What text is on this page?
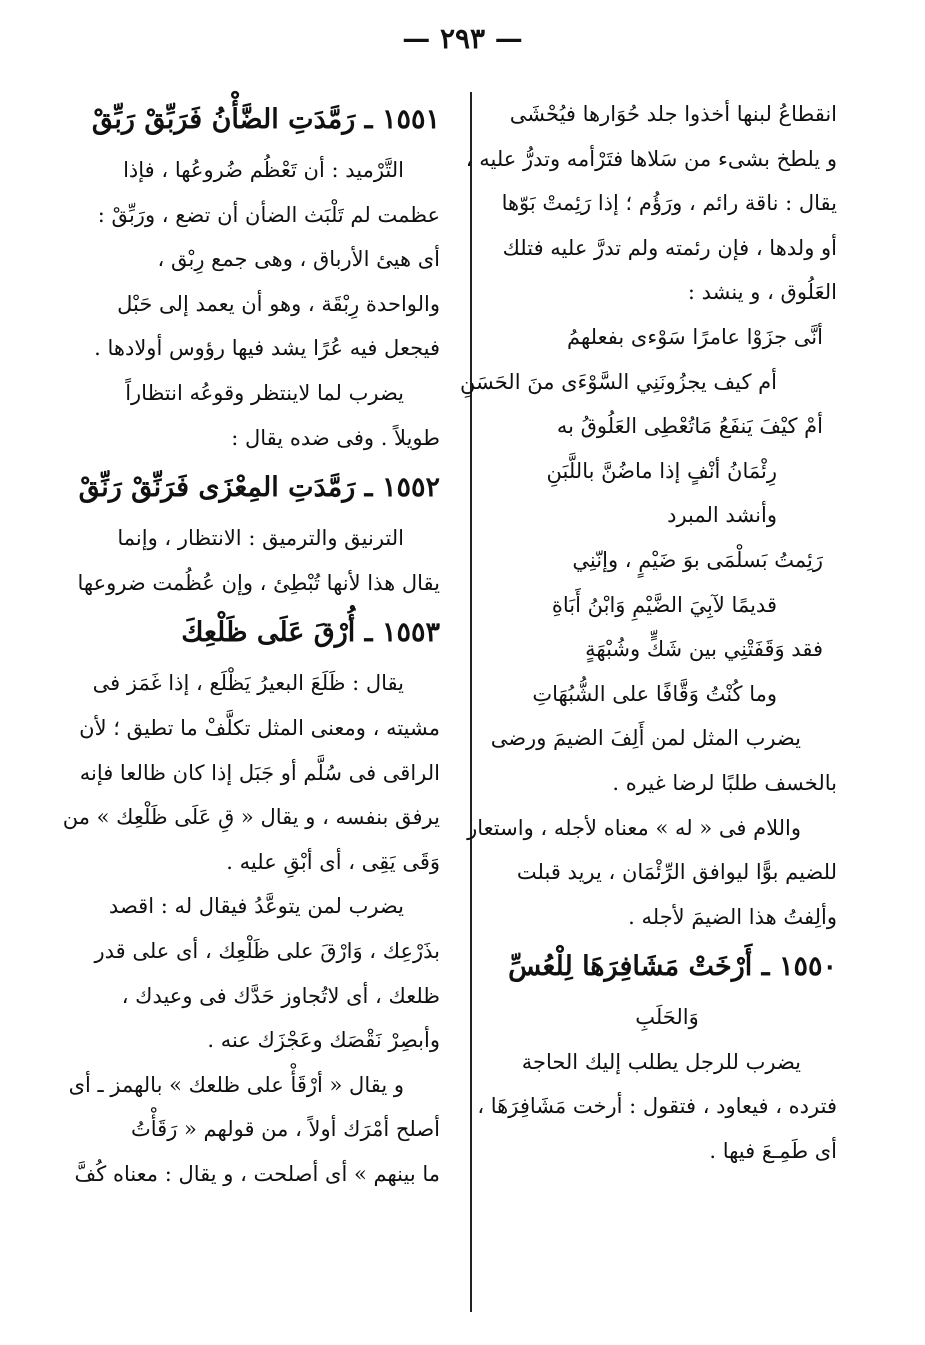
— ٢٩٣ —
انقطاعُ لبنها أخذوا جلد حُوَارها فيُحْشَى
و يلطخ بشىء من سَلاها فتَرْأمه وتدرُّ عليه ،
يقال : ناقة رائم ، ورَؤُم ؛ إذا رَئِمتْ بَوّها
أو ولدها ، فإن رئمته ولم تدرَّ عليه فتلك
العَلُوق ، و ينشد :
أنَّى جزَوْا عامرًا سَوْءى بفعلهمُ
أم كيف يجزُونَنِي السَّوْءَى منَ الحَسَنِ
أمْ كيْفَ يَنفَعُ مَاتُعْطِى العَلُوقُ به
رِئْمَانُ أنْفٍ إذا ماضُنَّ باللَّبَنِ
وأنشد المبرد
رَئِمتُ بَسلْمَى بوَ ضَيْمٍ ، وإنّنِي
قديمًا لآبِيَ الضَّيْمِ وَابْنُ أَبَاةِ
فقد وَقَفَتْنِي بين شَكٍّ وشُبْهَةٍ
وما كُنْتُ وَقَّافًا على الشُّبُهَاتِ
يضرب المثل لمن أَلِفَ الضيمَ ورضى
بالخسف طلبًا لرضا غيره .
واللام فى « له » معناه لأجله ، واستعار
للضيم بوًّا ليوافق الرِّئْمَان ، يريد قبلت
وألِفتُ هذا الضيمَ لأجله .
١٥٥٠ ـ أَرْخَتْ مَشَافِرَهَا لِلْعُسِّ
وَالحَلَبِ
يضرب للرجل يطلب إليك الحاجة
فترده ، فيعاود ، فتقول : أرخت مَشَافِرَهَا ،
أى طَمِـعَ فيها .
١٥٥١ ـ رَمَّدَتِ الضَّأْنُ فَرَبِّقْ رَبِّقْ
التَّرْميد : أن تَعْظُم ضُروعُها ، فإذا
عظمت لم تَلْبَث الضأن أن تضع ، ورَبِّقْ :
أى هيئ الأرباق ، وهى جمع رِبْق ،
والواحدة رِبْقَة ، وهو أن يعمد إلى حَبْل
فيجعل فيه عُرًا يشد فيها رؤوس أولادها .
يضرب لما لاينتظر وقوعُه انتظاراً
طويلاً . وفى ضده يقال :
١٥٥٢ ـ رَمَّدَتِ المِعْزَى فَرَنِّقْ رَنِّقْ
الترنيق والترميق : الانتظار ، وإنما
يقال هذا لأنها تُبْطِئ ، وإن عُظُمت ضروعها
١٥٥٣ ـ أُرْقَ عَلَى ظَلْعِكَ
يقال : ظَلَعَ البعيرُ يَظْلَع ، إذا غَمَز فى
مشيته ، ومعنى المثل تكلَّفْ ما تطيق ؛ لأن
الراقى فى سُلَّم أو جَبَل إذا كان ظالعا فإنه
يرفق بنفسه ، و يقال « قِ عَلَى ظَلْعِك » من
وَقَى يَقِى ، أى أبْقِ عليه .
يضرب لمن يتوعَّدُ فيقال له : اقصد
بذَرْعِك ، وَارْقَ على ظَلْعِك ، أى على قدر
ظلعك ، أى لاتُجاوز حَدَّك فى وعيدك ،
وأبصِرْ نَقْصَك وعَجْزَك عنه .
و يقال « أرْقَأْ على ظلعك » بالهمز ـ أى
أصلح أمْرَك أولاً ، من قولهم « رَقَأْتُ
ما بينهم » أى أصلحت ، و يقال : معناه كُفَّ
